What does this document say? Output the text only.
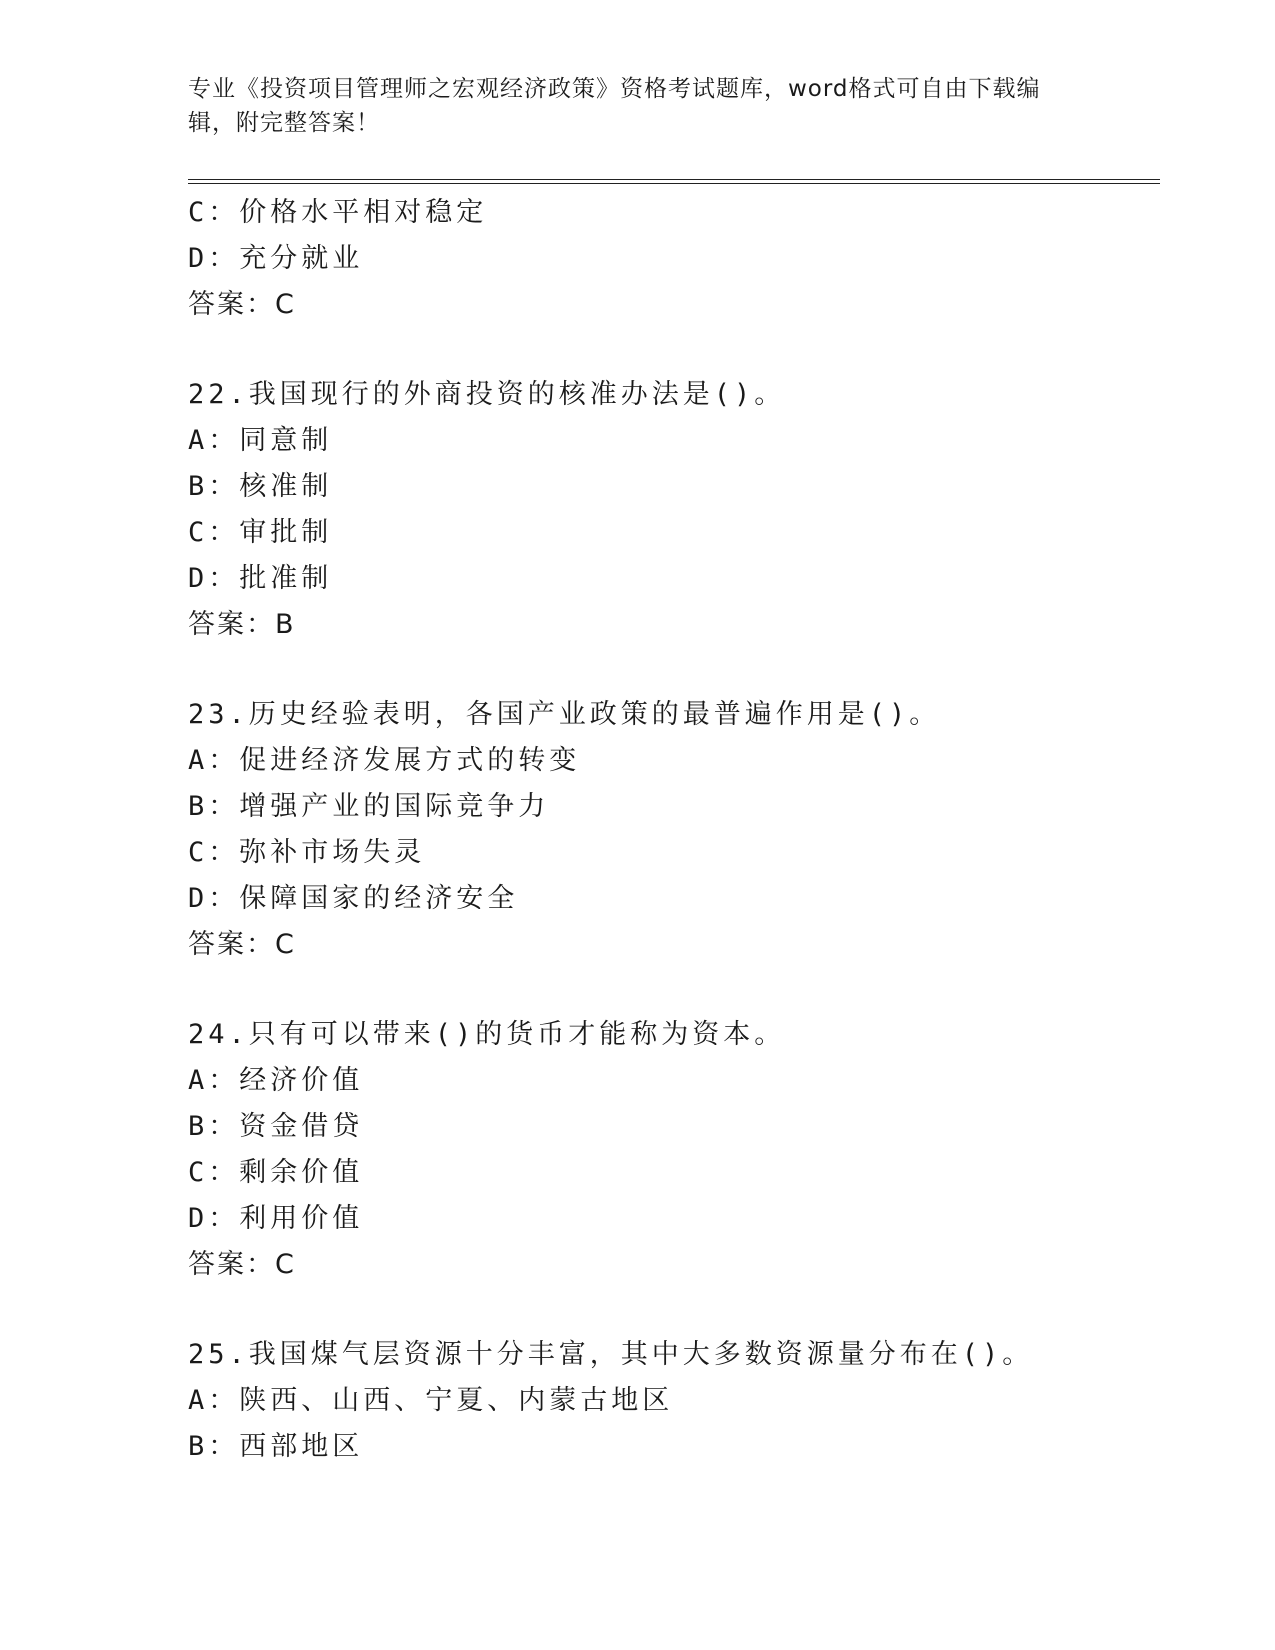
专业《投资项目管理师之宏观经济政策》资格考试题库，word格式可自由下载编
辑，附完整答案！
C：价格水平相对稳定
D：充分就业
答案：C
22.我国现行的外商投资的核准办法是()。
A：同意制
B：核准制
C：审批制
D：批准制
答案：B
23.历史经验表明，各国产业政策的最普遍作用是()。
A：促进经济发展方式的转变
B：增强产业的国际竞争力
C：弥补市场失灵
D：保障国家的经济安全
答案：C
24.只有可以带来()的货币才能称为资本。
A：经济价值
B：资金借贷
C：剩余价值
D：利用价值
答案：C
25.我国煤气层资源十分丰富，其中大多数资源量分布在()。
A：陕西、山西、宁夏、内蒙古地区
B：西部地区
